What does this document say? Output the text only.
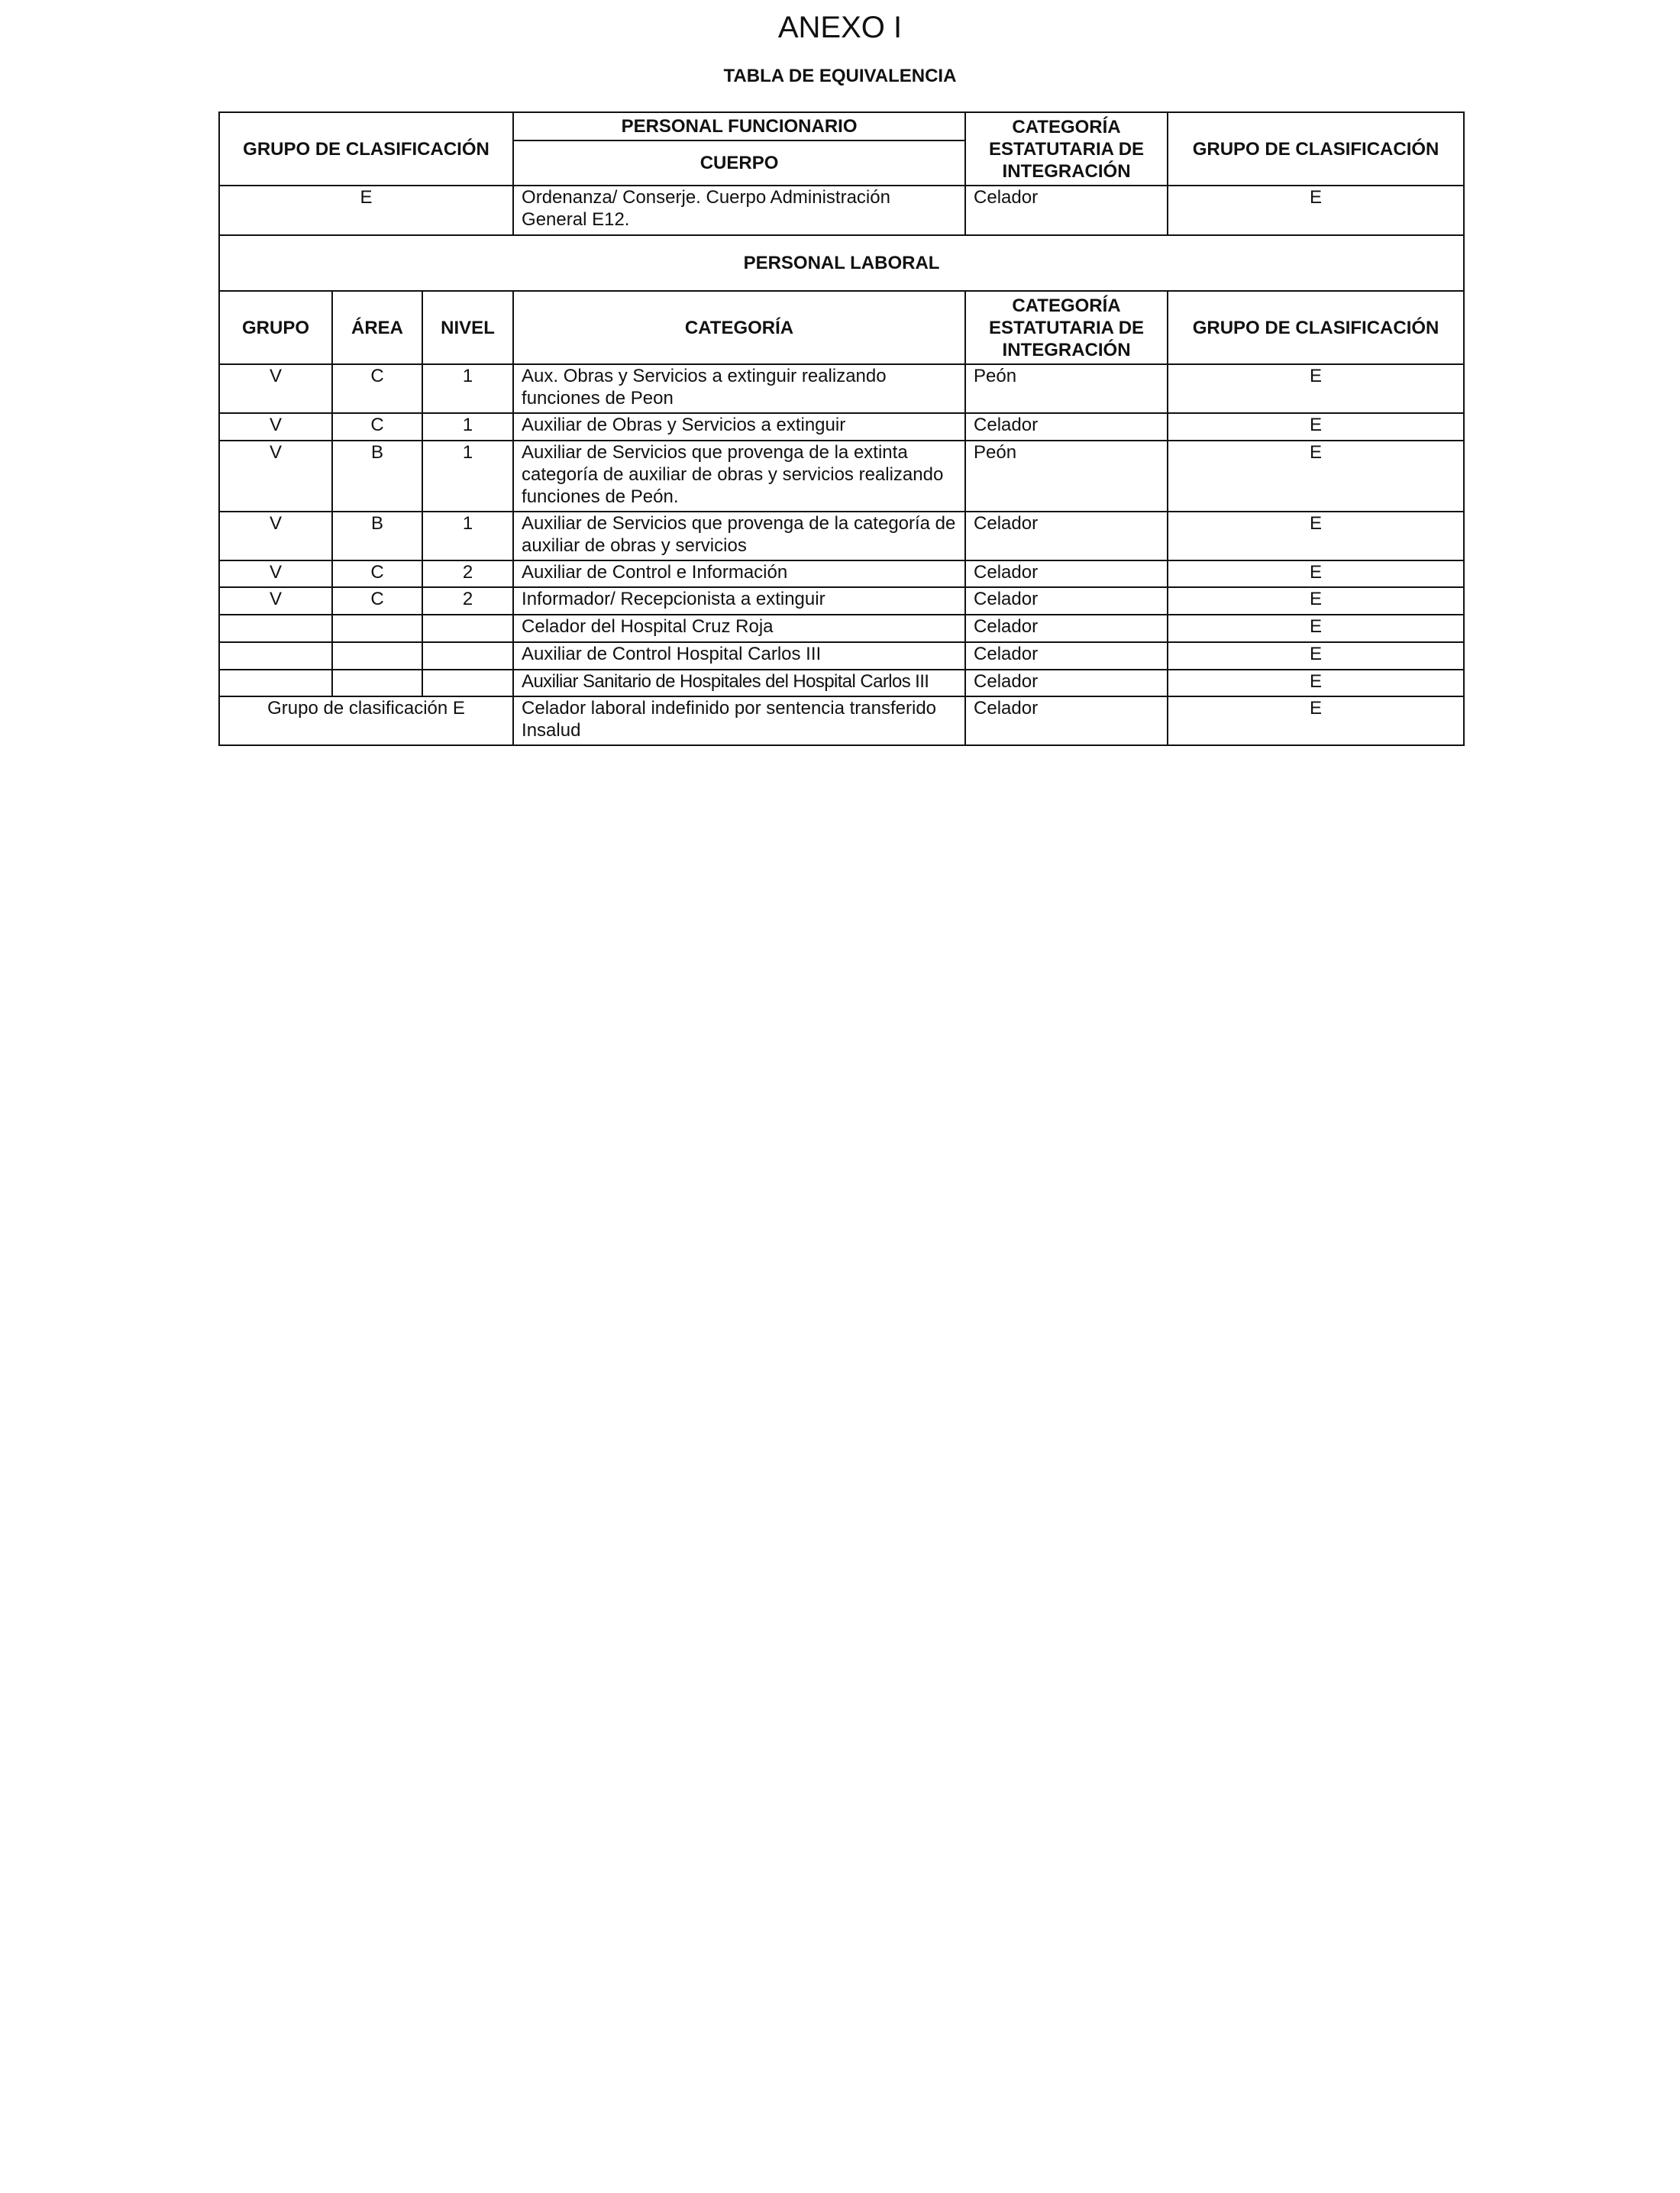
ANEXO I
TABLA DE EQUIVALENCIA
GRUPO DE CLASIFICACIÓN			PERSONAL FUNCIONARIO	CATEGORÍA ESTATUTARIA DE INTEGRACIÓN	GRUPO DE CLASIFICACIÓN
			CUERPO		
E			Ordenanza/ Conserje. Cuerpo Administración General E12.	Celador	E
PERSONAL LABORAL					
GRUPO	ÁREA	NIVEL	CATEGORÍA	CATEGORÍA ESTATUTARIA DE INTEGRACIÓN	GRUPO DE CLASIFICACIÓN
V	C	1	Aux. Obras y Servicios a extinguir realizando funciones de Peon	Peón	E
V	C	1	Auxiliar de Obras y Servicios a extinguir	Celador	E
V	B	1	Auxiliar de Servicios que provenga de la extinta categoría de auxiliar de obras y servicios realizando funciones de Peón.	Peón	E
V	B	1	Auxiliar de Servicios que provenga de la categoría de auxiliar de obras y servicios	Celador	E
V	C	2	Auxiliar de Control e Información	Celador	E
V	C	2	Informador/ Recepcionista a extinguir	Celador	E
			Celador del Hospital Cruz Roja	Celador	E
			Auxiliar de Control Hospital Carlos III	Celador	E
			Auxiliar Sanitario de Hospitales del Hospital Carlos III	Celador	E
Grupo de clasificación E			Celador laboral indefinido por sentencia transferido Insalud	Celador	E
